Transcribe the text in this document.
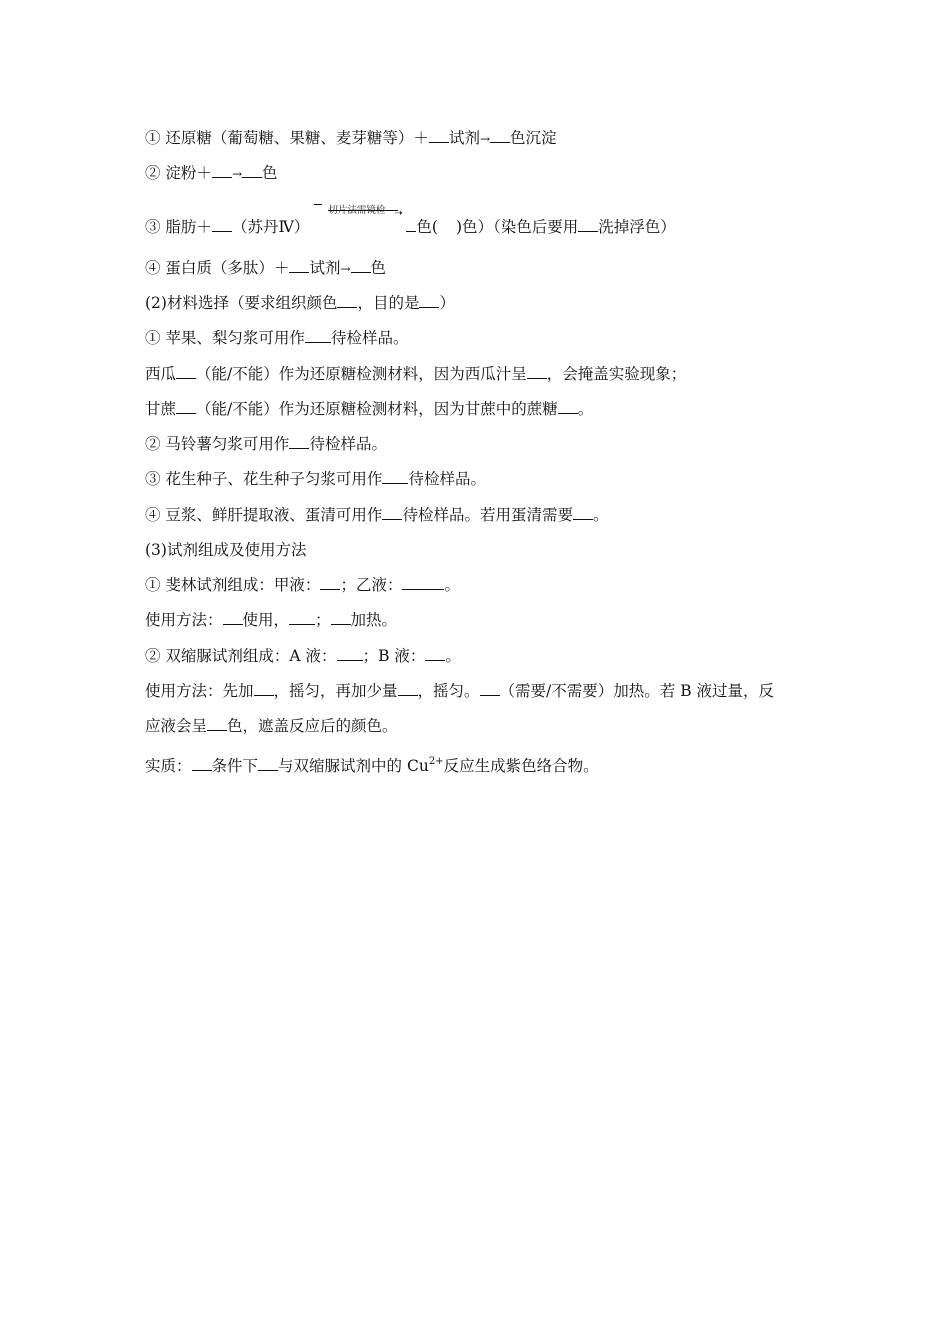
① 还原糖（葡萄糖、果糖、麦芽糖等）＋ 试剂→ 色沉淀
② 淀粉＋ → 色
③ 脂肪＋ （苏丹Ⅳ）
切片法需镜检 ➝
色( )色）（染色后要用 洗掉浮色）
④ 蛋白质（多肽）＋ 试剂→ 色
(2)材料选择（要求组织颜色 ，目的是 ）
① 苹果、梨匀浆可用作 待检样品。
西瓜 （能/不能）作为还原糖检测材料，因为西瓜汁呈 ，会掩盖实验现象；
甘蔗 （能/不能）作为还原糖检测材料，因为甘蔗中的蔗糖 。
② 马铃薯匀浆可用作 待检样品。
③ 花生种子、花生种子匀浆可用作 待检样品。
④ 豆浆、鲜肝提取液、蛋清可用作 待检样品。若用蛋清需要 。
(3)试剂组成及使用方法
① 斐林试剂组成：甲液： ；乙液：	。
使用方法： 使用， ； 加热。
② 双缩脲试剂组成：A 液： ；B 液： 。
使用方法：先加 ，摇匀，再加少量 ，摇匀。 （需要/不需要）加热。若 B 液过量，反
应液会呈 色，遮盖反应后的颜色。
实质： 条件下 与双缩脲试剂中的 $Cu^{2+}$反应生成紫色络合物。
